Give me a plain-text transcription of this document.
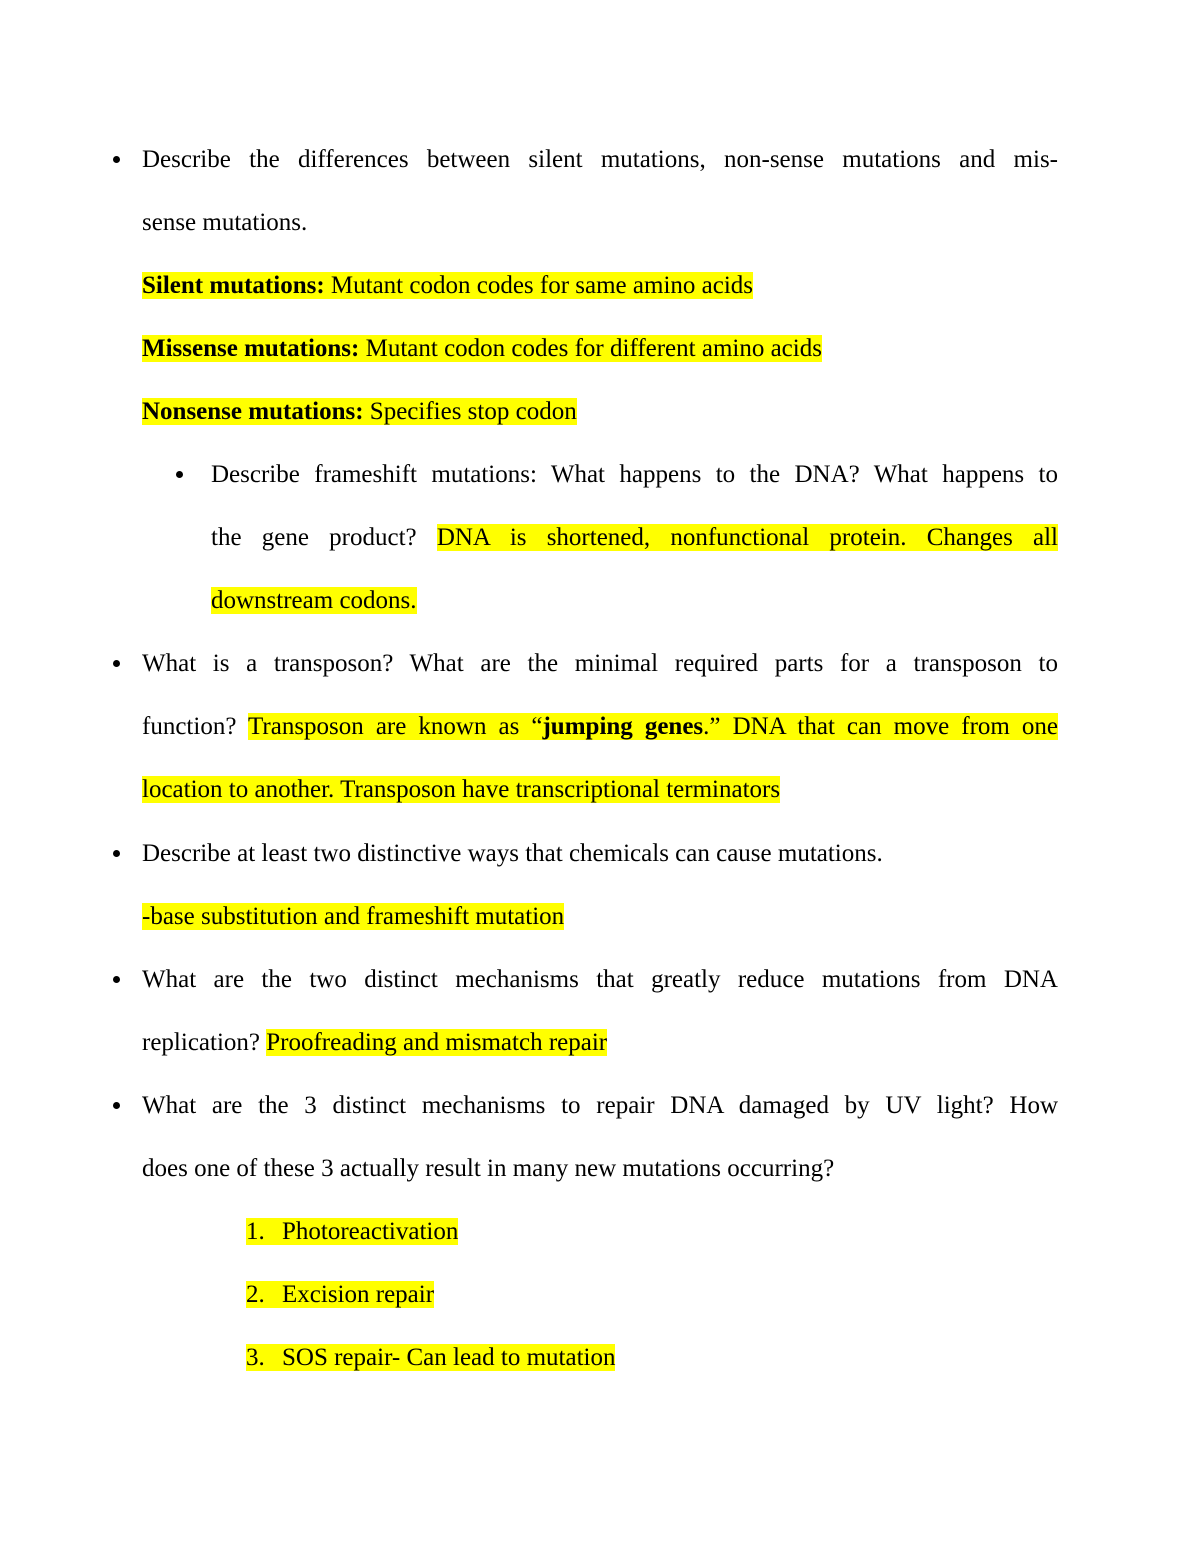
Describe the differences between silent mutations, non-sense mutations and mis-
sense mutations.
Silent mutations: Mutant codon codes for same amino acids
Missense mutations: Mutant codon codes for different amino acids
Nonsense mutations: Specifies stop codon
Describe frameshift mutations: What happens to the DNA? What happens to
the gene product? DNA is shortened, nonfunctional protein. Changes all
downstream codons.
What is a transposon? What are the minimal required parts for a transposon to
function? Transposon are known as “jumping genes.” DNA that can move from one
location to another. Transposon have transcriptional terminators
Describe at least two distinctive ways that chemicals can cause mutations.
-base substitution and frameshift mutation
What are the two distinct mechanisms that greatly reduce mutations from DNA
replication? Proofreading and mismatch repair
What are the 3 distinct mechanisms to repair DNA damaged by UV light? How
does one of these 3 actually result in many new mutations occurring?
1. Photoreactivation
2. Excision repair
3. SOS repair- Can lead to mutation
